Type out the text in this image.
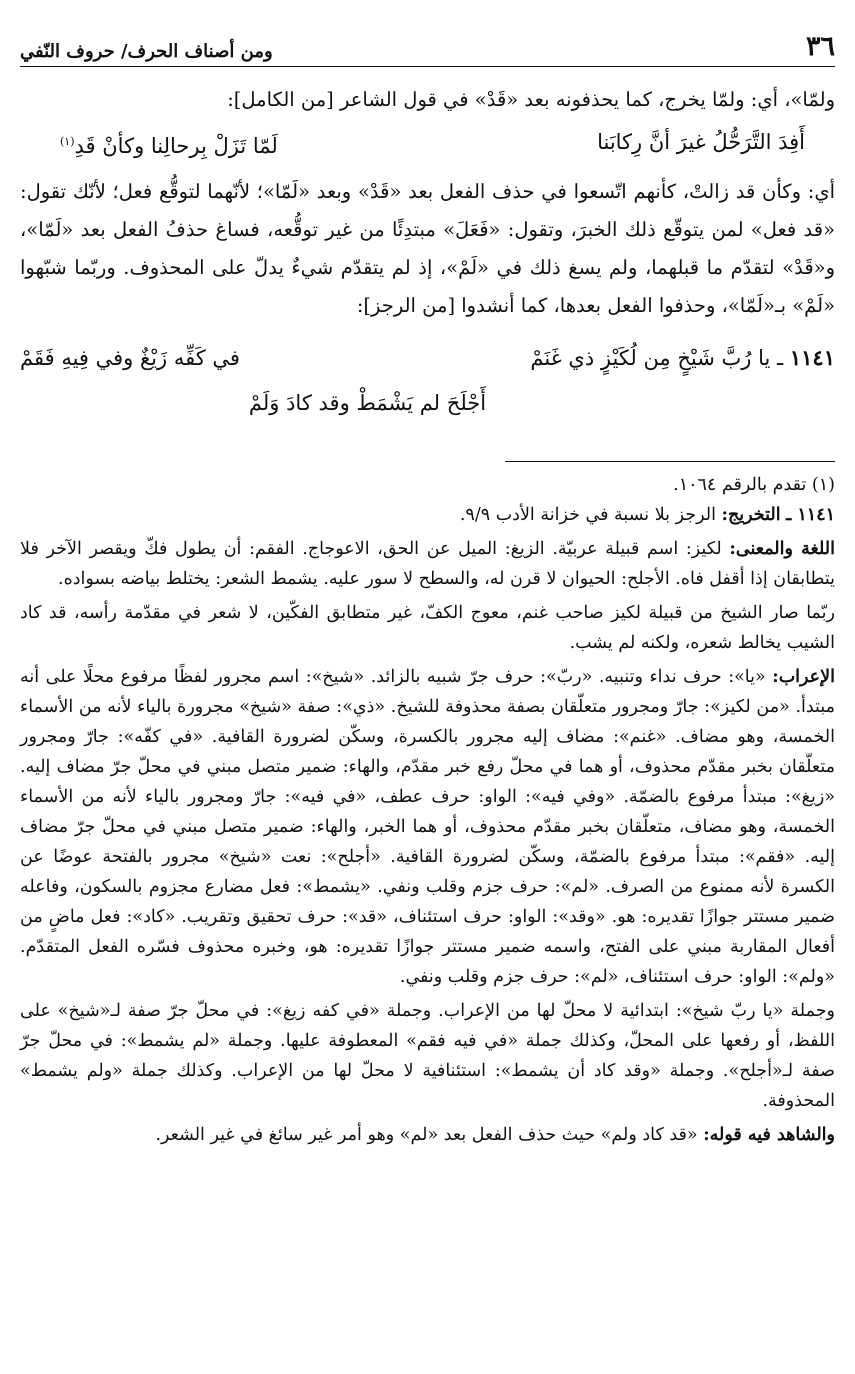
٣٦
ومن أصناف الحرف/ حروف النّفي

ولمّا»، أي: ولمّا يخرج، كما يحذفونه بعد «قَدْ» في قول الشاعر [من الكامل]:

أَفِدَ التَّرَحُّلُ غيرَ أنَّ رِكابَنا
لَمّا تَزَلْ بِرحالِنا وكأنْ قَدِ$^{(١)}$

أي: وكأن قد زالتْ، كأنهم اتّسعوا في حذف الفعل بعد «قَدْ» وبعد «لَمّا»؛ لأنّهما لتوقُّع فعل؛ لأنّك تقول: «قد فعل» لمن يتوقّع ذلك الخبرَ، وتقول: «فَعَلَ» مبتدِئًا من غير توقُّعه، فساغ حذفُ الفعل بعد «لَمّا»، و«قَدْ» لتقدّم ما قبلهما، ولم يسغ ذلك في «لَمْ»، إذ لم يتقدّم شيءٌ يدلّ على المحذوف. وربّما شبّهوا «لَمْ» بـ«لَمّا»، وحذفوا الفعل بعدها، كما أنشدوا [من الرجز]:

١١٤١ ـ يا رُبَّ شَيْخٍ مِن لُكَيْزٍ ذي غَنَمْ
في كَفِّه زَيْغٌ وفي فِيهِ فَقَمْ
أَجْلَحَ لم يَشْمَطْ وقد كادَ وَلَمْ

(١) تقدم بالرقم ١٠٦٤.

١١٤١ ـ التخريج: الرجز بلا نسبة في خزانة الأدب ٩/٩.

اللغة والمعنى: لكيز: اسم قبيلة عربيّة. الزيغ: الميل عن الحق، الاعوجاج. الفقم: أن يطول فكّ ويقصر الآخر فلا يتطابقان إذا أقفل فاه. الأجلح: الحيوان لا قرن له، والسطح لا سور عليه. يشمط الشعر: يختلط بياضه بسواده.

ربّما صار الشيخ من قبيلة لكيز صاحب غنم، معوج الكفّ، غير متطابق الفكّين، لا شعر في مقدّمة رأسه، قد كاد الشيب يخالط شعره، ولكنه لم يشب.

الإعراب: «يا»: حرف نداء وتنبيه. «ربّ»: حرف جرّ شبيه بالزائد. «شيخ»: اسم مجرور لفظًا مرفوع محلًا على أنه مبتدأ. «من لكيز»: جارّ ومجرور متعلّقان بصفة محذوفة للشيخ. «ذي»: صفة «شيخ» مجرورة بالياء لأنه من الأسماء الخمسة، وهو مضاف. «غنم»: مضاف إليه مجرور بالكسرة، وسكّن لضرورة القافية. «في كفّه»: جارّ ومجرور متعلّقان بخبر مقدّم محذوف، أو هما في محلّ رفع خبر مقدّم، والهاء: ضمير متصل مبني في محلّ جرّ مضاف إليه. «زيغ»: مبتدأ مرفوع بالضمّة. «وفي فيه»: الواو: حرف عطف، «في فيه»: جارّ ومجرور بالياء لأنه من الأسماء الخمسة، وهو مضاف، متعلّقان بخبر مقدّم محذوف، أو هما الخبر، والهاء: ضمير متصل مبني في محلّ جرّ مضاف إليه. «فقم»: مبتدأ مرفوع بالضمّة، وسكّن لضرورة القافية. «أجلح»: نعت «شيخ» مجرور بالفتحة عوضًا عن الكسرة لأنه ممنوع من الصرف. «لم»: حرف جزم وقلب ونفي. «يشمط»: فعل مضارع مجزوم بالسكون، وفاعله ضمير مستتر جوازًا تقديره: هو. «وقد»: الواو: حرف استئناف، «قد»: حرف تحقيق وتقريب. «كاد»: فعل ماضٍ من أفعال المقاربة مبني على الفتح، واسمه ضمير مستتر جوازًا تقديره: هو، وخبره محذوف فسّره الفعل المتقدّم. «ولم»: الواو: حرف استئناف، «لم»: حرف جزم وقلب ونفي.

وجملة «يا ربّ شيخ»: ابتدائية لا محلّ لها من الإعراب. وجملة «في كفه زيغ»: في محلّ جرّ صفة لـ«شيخ» على اللفظ، أو رفعها على المحلّ، وكذلك جملة «في فيه فقم» المعطوفة عليها. وجملة «لم يشمط»: في محلّ جرّ صفة لـ«أجلح». وجملة «وقد كاد أن يشمط»: استئنافية لا محلّ لها من الإعراب. وكذلك جملة «ولم يشمط» المحذوفة.

والشاهد فيه قوله: «قد كاد ولم» حيث حذف الفعل بعد «لم» وهو أمر غير سائغ في غير الشعر.
